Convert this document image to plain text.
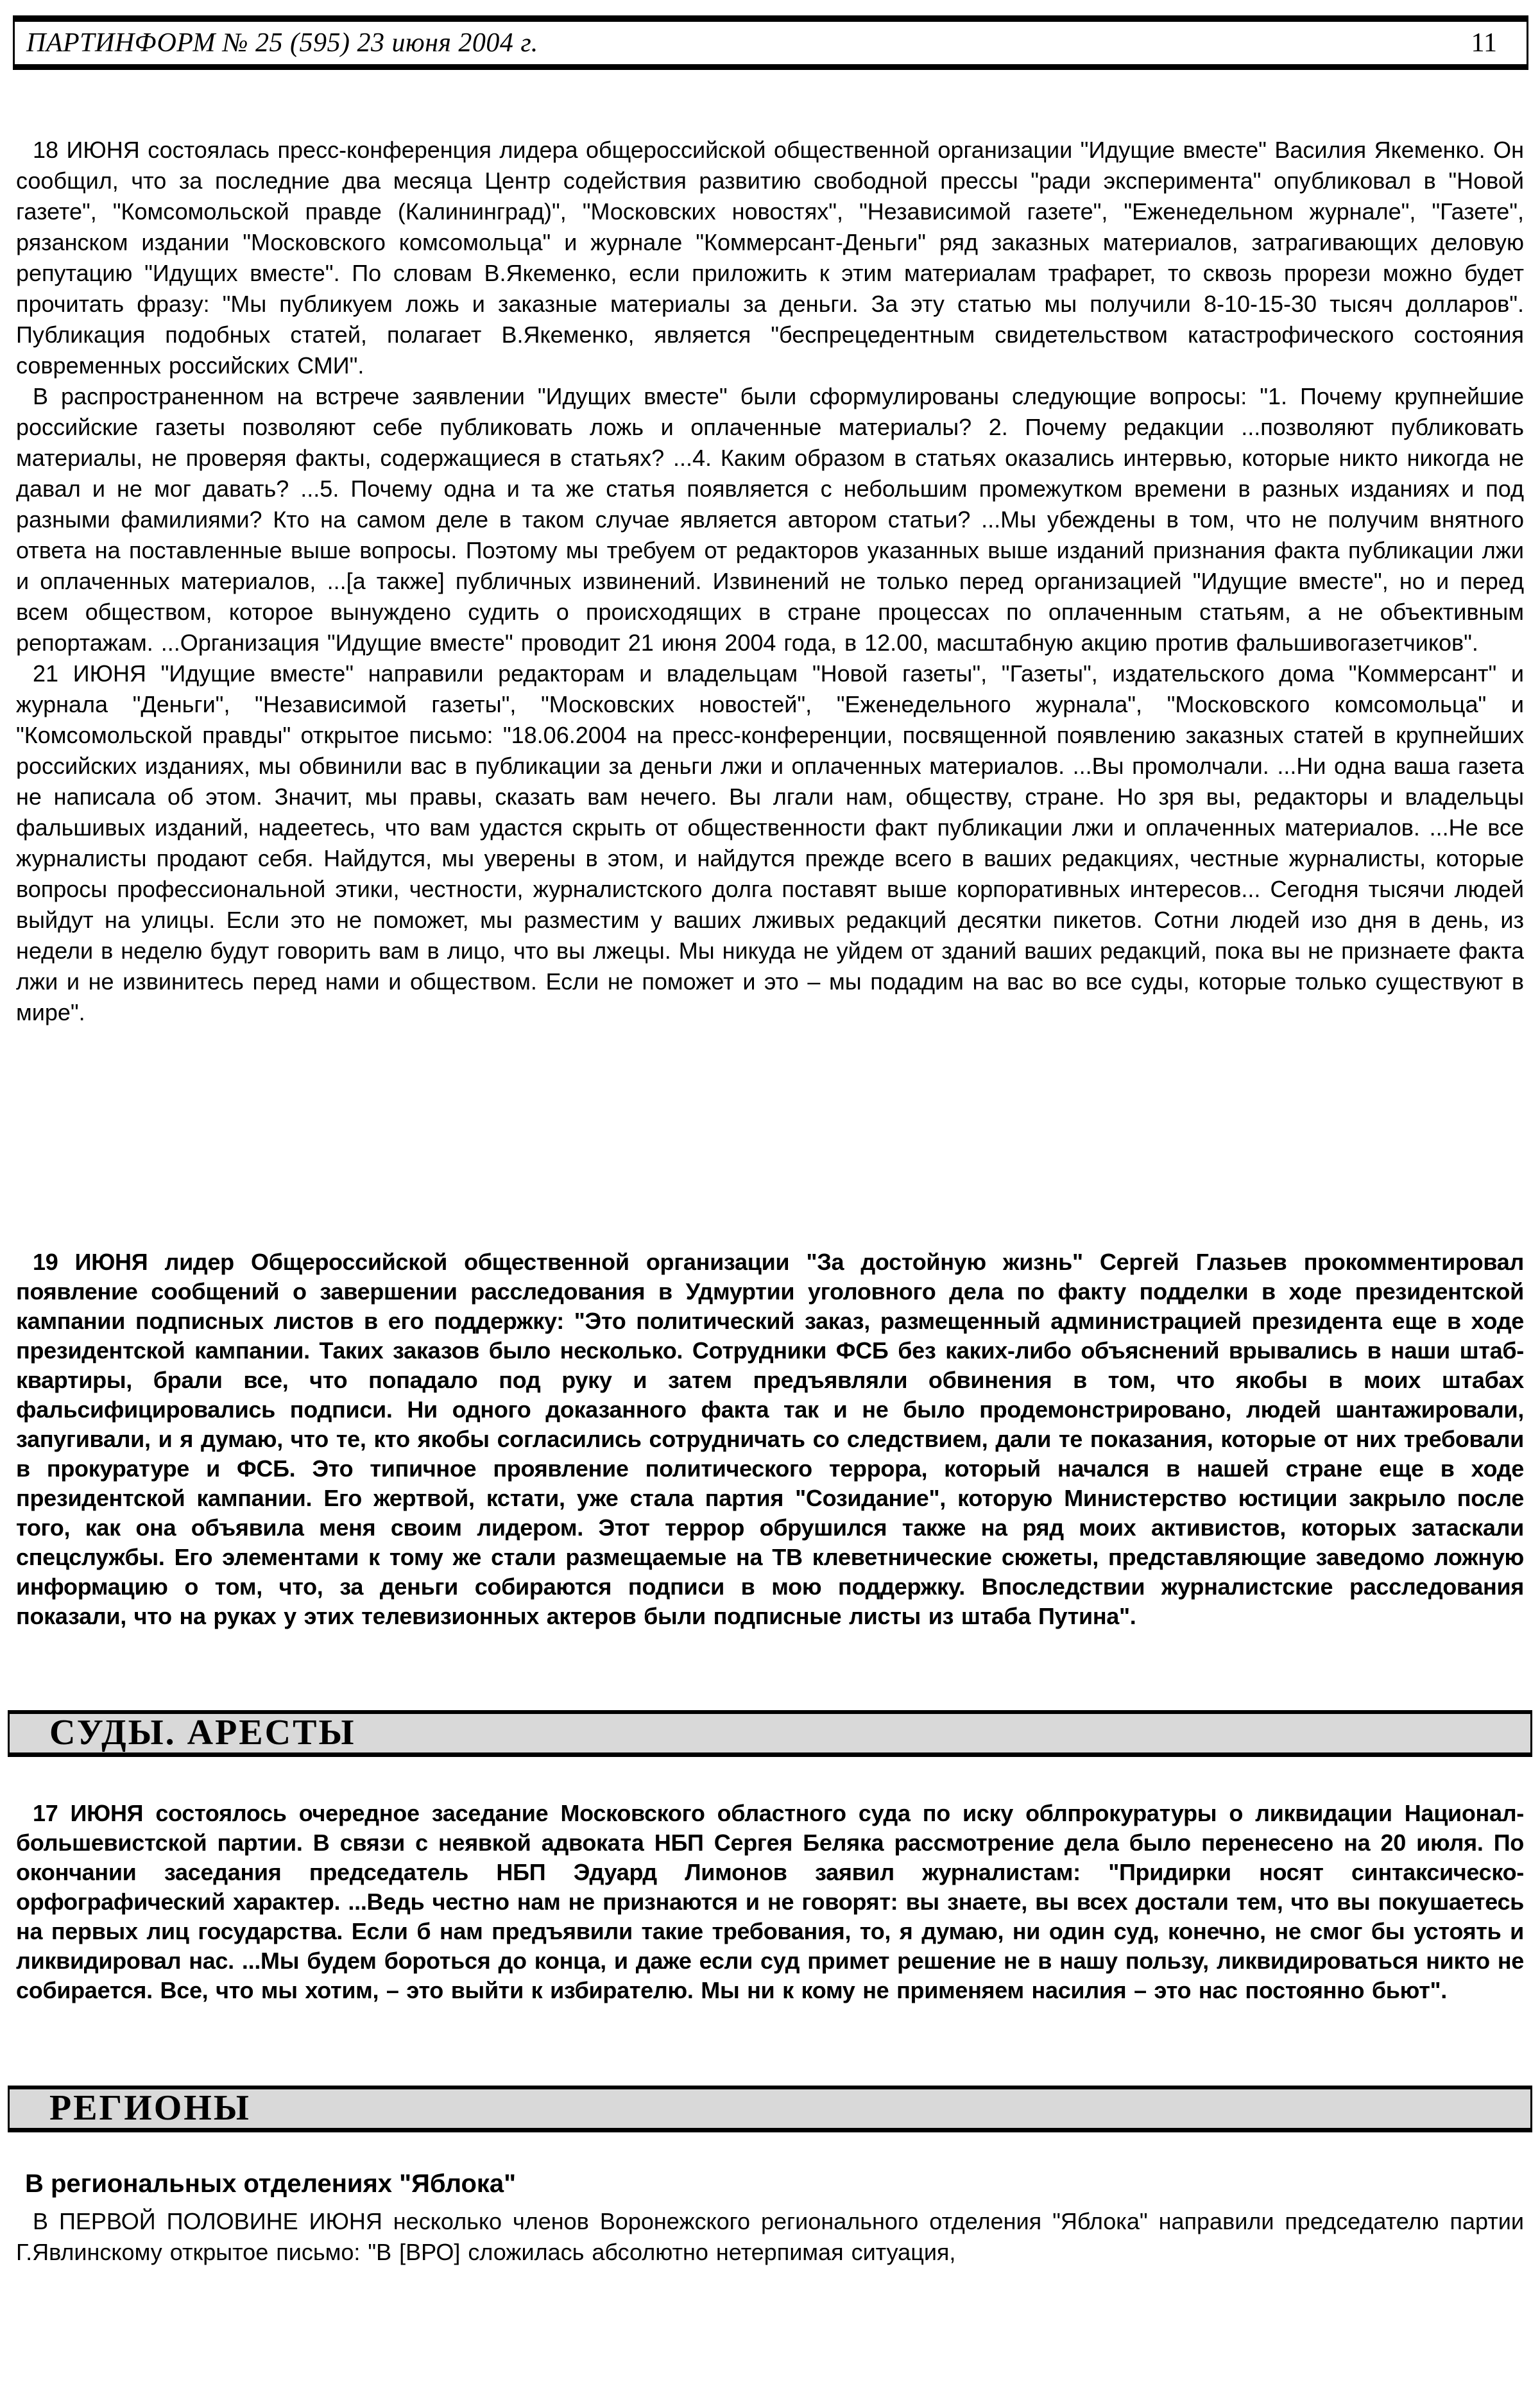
ПАРТИНФОРМ № 25 (595) 23 июня 2004 г.	11

18 ИЮНЯ состоялась пресс-конференция лидера общероссийской общественной организации "Идущие вместе" Василия Якеменко. Он сообщил, что за последние два месяца Центр содействия развитию свободной прессы "ради эксперимента" опубликовал в "Новой газете", "Комсомольской правде (Калининград)", "Московских новостях", "Независимой газете", "Еженедельном журнале", "Газете", рязанском издании "Московского комсомольца" и журнале "Коммерсант-Деньги" ряд заказных материалов, затрагивающих деловую репутацию "Идущих вместе". По словам В.Якеменко, если приложить к этим материалам трафарет, то сквозь прорези можно будет прочитать фразу: "Мы публикуем ложь и заказные материалы за деньги. За эту статью мы получили 8-10-15-30 тысяч долларов". Публикация подобных статей, полагает В.Якеменко, является "беспрецедентным свидетельством катастрофического состояния современных российских СМИ".

В распространенном на встрече заявлении "Идущих вместе" были сформулированы следующие вопросы: "1. Почему крупнейшие российские газеты позволяют себе публиковать ложь и оплаченные материалы? 2. Почему редакции ...позволяют публиковать материалы, не проверяя факты, содержащиеся в статьях? ...4. Каким образом в статьях оказались интервью, которые никто никогда не давал и не мог давать? ...5. Почему одна и та же статья появляется с небольшим промежутком времени в разных изданиях и под разными фамилиями? Кто на самом деле в таком случае является автором статьи? ...Мы убеждены в том, что не получим внятного ответа на поставленные выше вопросы. Поэтому мы требуем от редакторов указанных выше изданий признания факта публикации лжи и оплаченных материалов, ...[а также] публичных извинений. Извинений не только перед организацией "Идущие вместе", но и перед всем обществом, которое вынуждено судить о происходящих в стране процессах по оплаченным статьям, а не объективным репортажам. ...Организация "Идущие вместе" проводит 21 июня 2004 года, в 12.00, масштабную акцию против фальшивогазетчиков".

21 ИЮНЯ "Идущие вместе" направили редакторам и владельцам "Новой газеты", "Газеты", издательского дома "Коммерсант" и журнала "Деньги", "Независимой газеты", "Московских новостей", "Еженедельного журнала", "Московского комсомольца" и "Комсомольской правды" открытое письмо: "18.06.2004 на пресс-конференции, посвященной появлению заказных статей в крупнейших российских изданиях, мы обвинили вас в публикации за деньги лжи и оплаченных материалов. ...Вы промолчали. ...Ни одна ваша газета не написала об этом. Значит, мы правы, сказать вам нечего. Вы лгали нам, обществу, стране. Но зря вы, редакторы и владельцы фальшивых изданий, надеетесь, что вам удастся скрыть от общественности факт публикации лжи и оплаченных материалов. ...Не все журналисты продают себя. Найдутся, мы уверены в этом, и найдутся прежде всего в ваших редакциях, честные журналисты, которые вопросы профессиональной этики, честности, журналистского долга поставят выше корпоративных интересов... Сегодня тысячи людей выйдут на улицы. Если это не поможет, мы разместим у ваших лживых редакций десятки пикетов. Сотни людей изо дня в день, из недели в неделю будут говорить вам в лицо, что вы лжецы. Мы никуда не уйдем от зданий ваших редакций, пока вы не признаете факта лжи и не извинитесь перед нами и обществом. Если не поможет и это – мы подадим на вас во все суды, которые только существуют в мире".

19 ИЮНЯ лидер Общероссийской общественной организации "За достойную жизнь" Сергей Глазьев прокомментировал появление сообщений о завершении расследования в Удмуртии уголовного дела по факту подделки в ходе президентской кампании подписных листов в его поддержку: "Это политический заказ, размещенный администрацией президента еще в ходе президентской кампании. Таких заказов было несколько. Сотрудники ФСБ без каких-либо объяснений врывались в наши штаб-квартиры, брали все, что попадало под руку и затем предъявляли обвинения в том, что якобы в моих штабах фальсифицировались подписи. Ни одного доказанного факта так и не было продемонстрировано, людей шантажировали, запугивали, и я думаю, что те, кто якобы согласились сотрудничать со следствием, дали те показания, которые от них требовали в прокуратуре и ФСБ. Это типичное проявление политического террора, который начался в нашей стране еще в ходе президентской кампании. Его жертвой, кстати, уже стала партия "Созидание", которую Министерство юстиции закрыло после того, как она объявила меня своим лидером. Этот террор обрушился также на ряд моих активистов, которых затаскали спецслужбы. Его элементами к тому же стали размещаемые на ТВ клеветнические сюжеты, представляющие заведомо ложную информацию о том, что, за деньги собираются подписи в мою поддержку. Впоследствии журналистские расследования показали, что на руках у этих телевизионных актеров были подписные листы из штаба Путина".

СУДЫ. АРЕСТЫ

17 ИЮНЯ состоялось очередное заседание Московского областного суда по иску облпрокуратуры о ликвидации Национал-большевистской партии. В связи с неявкой адвоката НБП Сергея Беляка рассмотрение дела было перенесено на 20 июля. По окончании заседания председатель НБП Эдуард Лимонов заявил журналистам: "Придирки носят синтаксическо-орфографический характер. ...Ведь честно нам не признаются и не говорят: вы знаете, вы всех достали тем, что вы покушаетесь на первых лиц государства. Если б нам предъявили такие требования, то, я думаю, ни один суд, конечно, не смог бы устоять и ликвидировал нас. ...Мы будем бороться до конца, и даже если суд примет решение не в нашу пользу, ликвидироваться никто не собирается. Все, что мы хотим, – это выйти к избирателю. Мы ни к кому не применяем насилия – это нас постоянно бьют".

РЕГИОНЫ
В региональных отделениях "Яблока"

В ПЕРВОЙ ПОЛОВИНЕ ИЮНЯ несколько членов Воронежского регионального отделения "Яблока" направили председателю партии Г.Явлинскому открытое письмо: "В [ВРО] сложилась абсолютно нетерпимая ситуация,
